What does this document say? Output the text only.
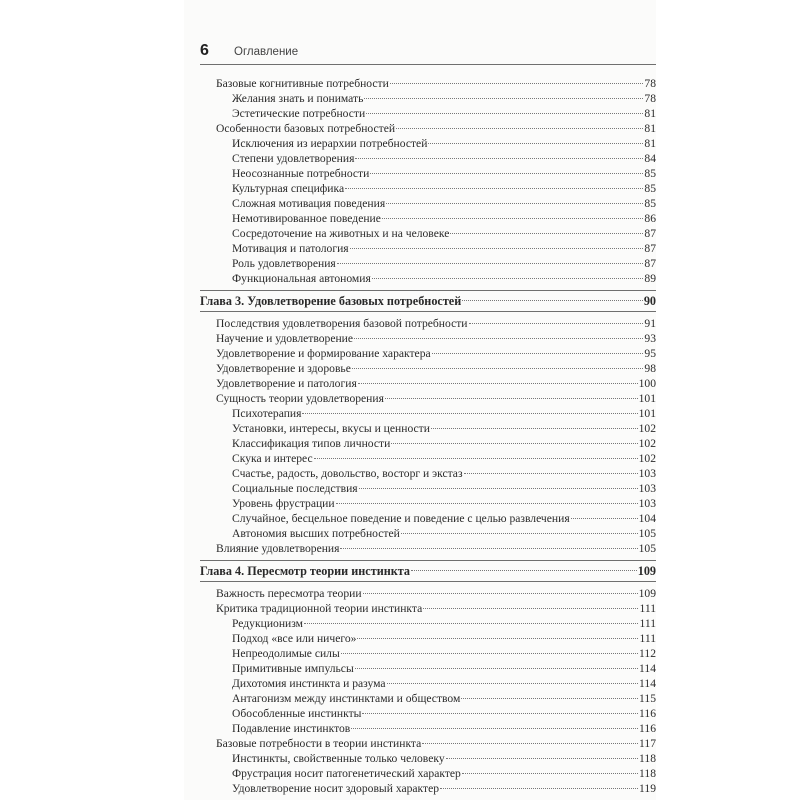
6 Оглавление
Базовые когнитивные потребности	78
Желания знать и понимать	78
Эстетические потребности	81
Особенности базовых потребностей	81
Исключения из иерархии потребностей	81
Степени удовлетворения	84
Неосознанные потребности	85
Культурная специфика	85
Сложная мотивация поведения	85
Немотивированное поведение	86
Сосредоточение на животных и на человеке	87
Мотивация и патология	87
Роль удовлетворения	87
Функциональная автономия	89
Глава 3. Удовлетворение базовых потребностей	90
Последствия удовлетворения базовой потребности	91
Научение и удовлетворение	93
Удовлетворение и формирование характера	95
Удовлетворение и здоровье	98
Удовлетворение и патология	100
Сущность теории удовлетворения	101
Психотерапия	101
Установки, интересы, вкусы и ценности	102
Классификация типов личности	102
Скука и интерес	102
Счастье, радость, довольство, восторг и экстаз	103
Социальные последствия	103
Уровень фрустрации	103
Случайное, бесцельное поведение и поведение с целью развлечения	104
Автономия высших потребностей	105
Влияние удовлетворения	105
Глава 4. Пересмотр теории инстинкта	109
Важность пересмотра теории	109
Критика традиционной теории инстинкта	111
Редукционизм	111
Подход «все или ничего»	111
Непреодолимые силы	112
Примитивные импульсы	114
Дихотомия инстинкта и разума	114
Антагонизм между инстинктами и обществом	115
Обособленные инстинкты	116
Подавление инстинктов	116
Базовые потребности в теории инстинкта	117
Инстинкты, свойственные только человеку	118
Фрустрация носит патогенетический характер	118
Удовлетворение носит здоровый характер	119
